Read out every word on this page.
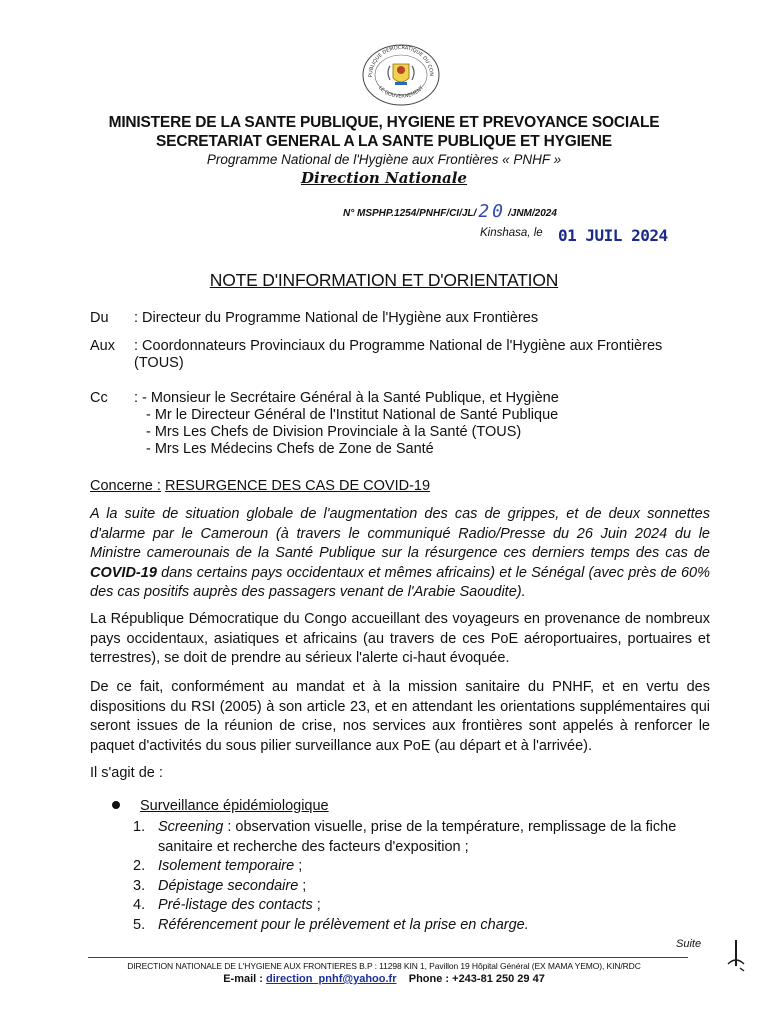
PUBLIQUE DEMOCRATIQUE DU CON
LE GOUVERNEMENT
MINISTERE DE LA SANTE PUBLIQUE, HYGIENE ET PREVOYANCE SOCIALE
SECRETARIAT GENERAL A LA SANTE PUBLIQUE ET HYGIENE
Programme National de l'Hygiène aux Frontières « PNHF »
Direction Nationale
N° MSPHP.1254/PNHF/CI/JL/ 20 /JNM/2024
Kinshasa, le 01 JUIL 2024
NOTE D'INFORMATION ET D'ORIENTATION
Du : Directeur du Programme National de l'Hygiène aux Frontières
Aux : Coordonnateurs Provinciaux du Programme National de l'Hygiène aux Frontières (TOUS)
Cc : - Monsieur le Secrétaire Général à la Santé Publique, et Hygiène
- Mr le Directeur Général de l'Institut National de Santé Publique
- Mrs Les Chefs de Division Provinciale à la Santé (TOUS)
- Mrs Les Médecins Chefs de Zone de Santé
Concerne : RESURGENCE DES CAS DE COVID-19
A la suite de situation globale de l'augmentation des cas de grippes, et de deux sonnettes d'alarme par le Cameroun (à travers le communiqué Radio/Presse du 26 Juin 2024 du le Ministre camerounais de la Santé Publique sur la résurgence ces derniers temps des cas de COVID-19 dans certains pays occidentaux et mêmes africains) et le Sénégal (avec près de 60% des cas positifs auprès des passagers venant de l'Arabie Saoudite).
La République Démocratique du Congo accueillant des voyageurs en provenance de nombreux pays occidentaux, asiatiques et africains (au travers de ces PoE aéroportuaires, portuaires et terrestres), se doit de prendre au sérieux l'alerte ci-haut évoquée.
De ce fait, conformément au mandat et à la mission sanitaire du PNHF, et en vertu des dispositions du RSI (2005) à son article 23, et en attendant les orientations supplémentaires qui seront issues de la réunion de crise, nos services aux frontières sont appelés à renforcer le paquet d'activités du sous pilier surveillance aux PoE (au départ et à l'arrivée).
Il s'agit de :
Surveillance épidémiologique
1. Screening : observation visuelle, prise de la température, remplissage de la fiche sanitaire et recherche des facteurs d'exposition ;
2. Isolement temporaire ;
3. Dépistage secondaire ;
4. Pré-listage des contacts ;
5. Référencement pour le prélèvement et la prise en charge.
Suite
DIRECTION NATIONALE DE L'HYGIENE AUX FRONTIERES B.P : 11298 KIN 1, Pavillon 19 Hôpital Général (EX MAMA YEMO), KIN/RDC
E-mail : direction_pnhf@yahoo.fr Phone : +243-81 250 29 47
